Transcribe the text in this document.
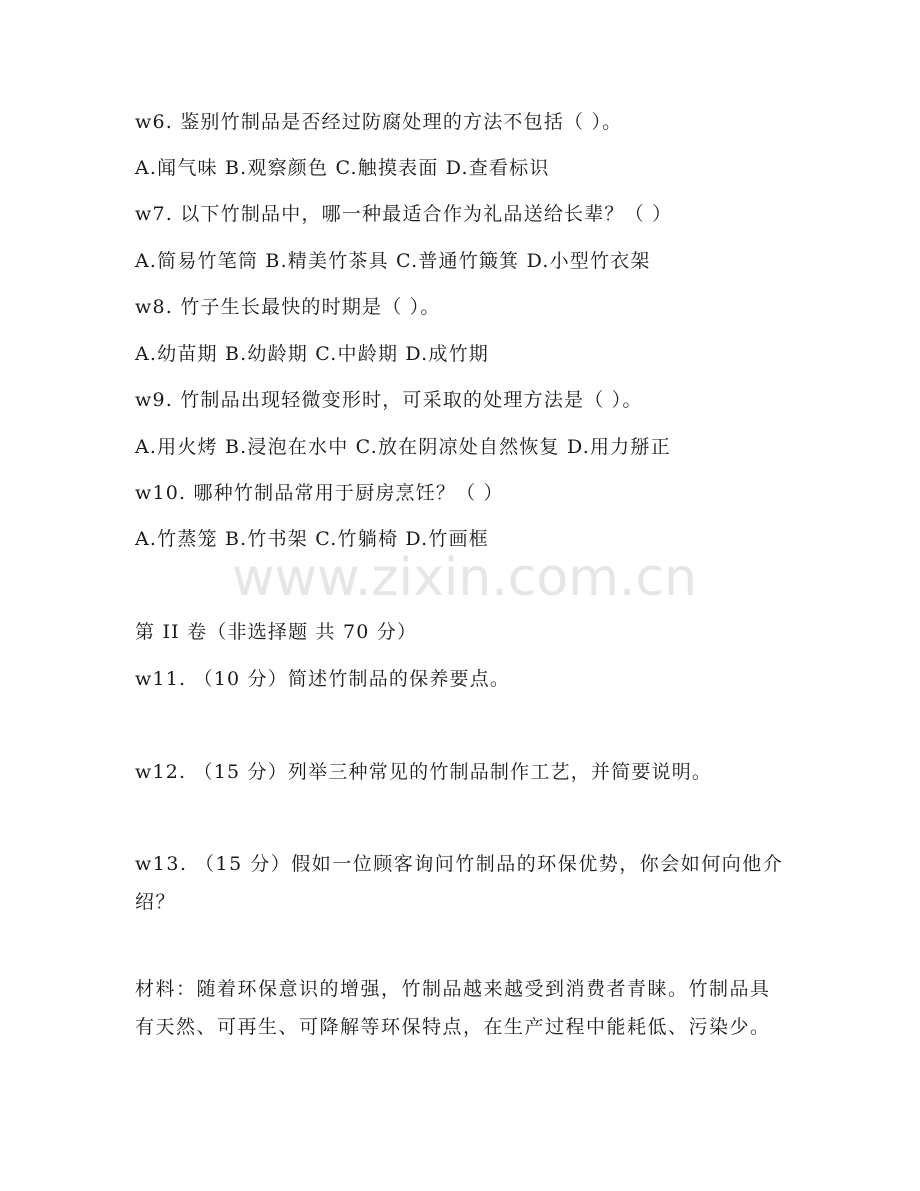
www.zixin.com.cn
w6. 鉴别竹制品是否经过防腐处理的方法不包括（ ）。
A.闻气味 B.观察颜色 C.触摸表面 D.查看标识
w7. 以下竹制品中，哪一种最适合作为礼品送给长辈？（ ）
A.简易竹笔筒 B.精美竹茶具 C.普通竹簸箕 D.小型竹衣架
w8. 竹子生长最快的时期是（ ）。
A.幼苗期 B.幼龄期 C.中龄期 D.成竹期
w9. 竹制品出现轻微变形时，可采取的处理方法是（ ）。
A.用火烤 B.浸泡在水中 C.放在阴凉处自然恢复 D.用力掰正
w10. 哪种竹制品常用于厨房烹饪？（ ）
A.竹蒸笼 B.竹书架 C.竹躺椅 D.竹画框
第 II 卷（非选择题 共 70 分）
w11. （10 分）简述竹制品的保养要点。
w12. （15 分）列举三种常见的竹制品制作工艺，并简要说明。
w13. （15 分）假如一位顾客询问竹制品的环保优势，你会如何向他介绍？
材料：随着环保意识的增强，竹制品越来越受到消费者青睐。竹制品具有天然、可再生、可降解等环保特点，在生产过程中能耗低、污染少。
